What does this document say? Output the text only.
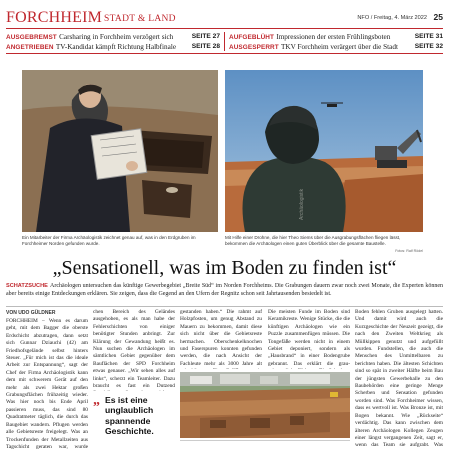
FORCHHEIM STADT & LAND	NFO / Freitag, 4. März 2022 25
AUSGEBREMST Carsharing in Forchheim verzögert sich	SEITE 27
ANGETRIEBEN TV-Kandidat kämpft Richtung Halbfinale SEITE 28
AUFGEBLÜHT Impressionen der ersten Frühlingsboten	SEITE 31
AUSGESPERRT TKV Forchheim verärgert über die Stadt	SEITE 32
Archäologistik
Ein Mitarbeiter der Firma Archäologistik zeichnet genau auf, was in den Erdgruben im Forchheimer Norden gefunden wurde.
Mit Hilfe einer Drohne, die hier Theo Siems über die Ausgrabungsflächen fliegen lässt, bekommen die Archäologen einen guten Überblick über die gesamte Baustelle.
Fotos: Ralf Rödel
„Sensationell, was im Boden zu finden ist“
SCHATZSUCHE Archäologen untersuchen das künftige Gewerbegebiet „Breite Süd“ im Norden Forchheims. Die Grabungen dauern zwar noch zwei Monate, die Experten können aber bereits einige Entdeckungen erklären. Sie zeigen, dass die Gegend an den Ufern der Regnitz schon seit Jahrtausenden besiedelt ist.
VON UDO GÜLDNER

FORCHHEIM – Wenn es darum geht, mit dem Bagger die oberste Erdschicht abzutragen, dann setzt sich Gunnar Dziauchi (42) am Friedhofsgelände selbst hinters Steuer. „Für mich ist das die ideale Arbeit zur Entspannung“, sagt der Chef der Firma Archäologistik kann dem mit schwerem Gerät auf den mehr als zwei Hektar großen Grabungsflächen frühzeitig wieder. Was hier noch bis Ende April passieren muss, das sind 80 Quadratmeter täglich, die durch das Baugebiet wandern. Pflugen werden alle Gebietsreste freigelegt. Was an Trockenfunden der Metallzeiten aus Tagschicht geraten war, wurde

chen Bereich des Geländes ausgehoben, es als man habe der Fehlerschichten von einiger benötigter Stunden anbringt. Zur Klärung der Gewandung heißt es. Nun suchen die Archäologen im sämtlichen Gebiet gegenüber dem Bauflächen der SPD Forchheim etwas genauer. „Wir sehen alles auf links“, scherzt ein Teamleiter. Dazu braucht es fast ein Dutzend

gestanden haben.“ Die rahmt auf Holzpfosten, um genug Abstand zu Mauern zu bekommen, damit diese sich nicht über die Gebietsreste hermachen. Oberschenkelknochen und Faserspuren konnten gefunden werden, die nach Ansicht der Fachleute mehr als 3000 Jahre alt

Die meisten Funde im Boden sind Keramikreste. Wenige Stücke, die die künftigen Archäologen wie ein Puzzle zusammenfügen müssen. Die Tongefäße werden nicht in einem Gebiet deponiert, sondern als „Hausbrand“ in einer Bodengrube gebrannt. Das erklärt die grau-

Boden fehlen Gruben ausgelegt hatten. Und damit wird auch die Kurzgeschichte der Neuzeit gezeigt, die nach den Zweiten Weltkrieg als Müllkippen genutzt und aufgefüllt wurden. Fundstellen, die auch die Menschen des Unmittelbaren zu berichten haben. Die ältesten Schichten sind so spät in zweiter Hälfte beim Bau der jüngsten Gewerbehalle zu den Baubehörden eine geringe Menge Scherben und Sensation gefunden worden sind. Was Forchheimer wissen, dass es wertvoll ist. Was Bronze ist, mit Bogen bekannt. Wie „Rückseite“ verdächtig. Das kann zwischen dem älteren Archäologen Kollegen Zeugen einer längst vergangenen Zeit, sagt er, wenn das Team sie aufgrabt. Was

„ Es ist eine unglaublich spannende Geschichte.
